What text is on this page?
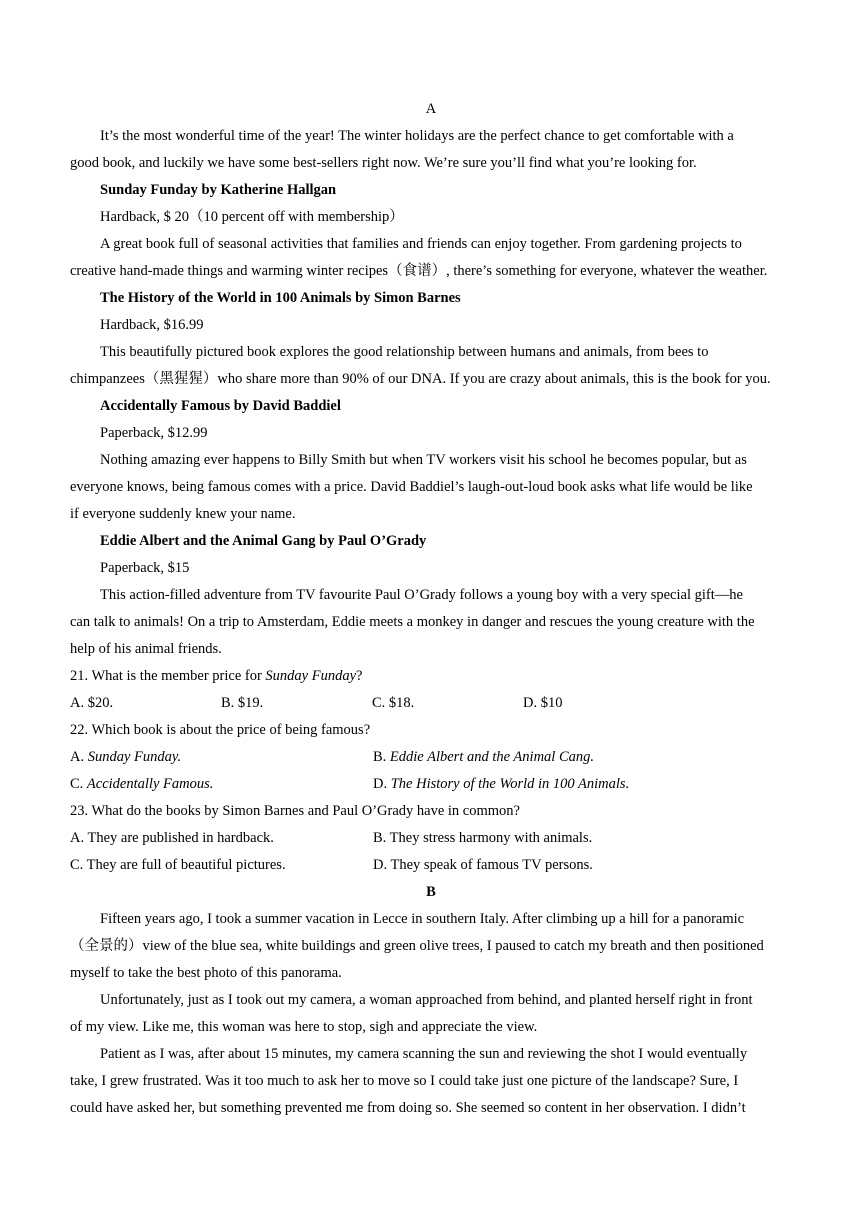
A
It’s the most wonderful time of the year! The winter holidays are the perfect chance to get comfortable with a
good book, and luckily we have some best-sellers right now. We’re sure you’ll find what you’re looking for.
Sunday Funday by Katherine Hallgan
Hardback, $ 20（10 percent off with membership）
A great book full of seasonal activities that families and friends can enjoy together. From gardening projects to
creative hand-made things and warming winter recipes（食谱）, there’s something for everyone, whatever the weather.
The History of the World in 100 Animals by Simon Barnes
Hardback, $16.99
This beautifully pictured book explores the good relationship between humans and animals, from bees to
chimpanzees（黑猩猩）who share more than 90% of our DNA. If you are crazy about animals, this is the book for you.
Accidentally Famous by David Baddiel
Paperback, $12.99
Nothing amazing ever happens to Billy Smith but when TV workers visit his school he becomes popular, but as
everyone knows, being famous comes with a price. David Baddiel’s laugh-out-loud book asks what life would be like
if everyone suddenly knew your name.
Eddie Albert and the Animal Gang by Paul O’Grady
Paperback, $15
This action-filled adventure from TV favourite Paul O’Grady follows a young boy with a very special gift—he
can talk to animals! On a trip to Amsterdam, Eddie meets a monkey in danger and rescues the young creature with the
help of his animal friends.
21. What is the member price for Sunday Funday?
A. $20.	B. $19.	C. $18.	D. $10
22. Which book is about the price of being famous?
A. Sunday Funday.	B. Eddie Albert and the Animal Cang.
C. Accidentally Famous.	D. The History of the World in 100 Animals.
23. What do the books by Simon Barnes and Paul O’Grady have in common?
A. They are published in hardback.	B. They stress harmony with animals.
C. They are full of beautiful pictures.	D. They speak of famous TV persons.
B
Fifteen years ago, I took a summer vacation in Lecce in southern Italy. After climbing up a hill for a panoramic
（全景的）view of the blue sea, white buildings and green olive trees, I paused to catch my breath and then positioned
myself to take the best photo of this panorama.
Unfortunately, just as I took out my camera, a woman approached from behind, and planted herself right in front
of my view. Like me, this woman was here to stop, sigh and appreciate the view.
Patient as I was, after about 15 minutes, my camera scanning the sun and reviewing the shot I would eventually
take, I grew frustrated. Was it too much to ask her to move so I could take just one picture of the landscape? Sure, I
could have asked her, but something prevented me from doing so. She seemed so content in her observation. I didn’t
